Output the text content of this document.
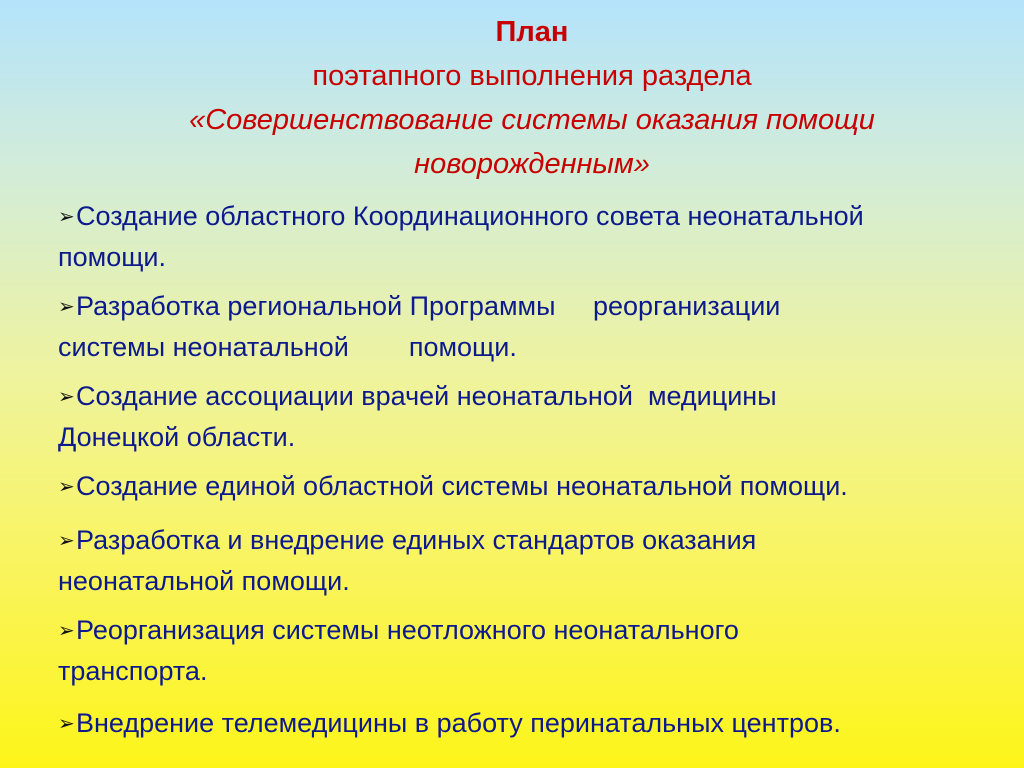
План
поэтапного выполнения раздела
«Совершенствование системы оказания помощи
новорожденным»
➢Создание областного Координационного совета неонатальной
помощи.
➢Разработка региональной Программы     реорганизации
системы неонатальной        помощи.
➢Создание ассоциации врачей неонатальной  медицины
Донецкой области.
➢Создание единой областной системы неонатальной помощи.
➢Разработка и внедрение единых стандартов оказания
неонатальной помощи.
➢Реорганизация системы неотложного неонатального
транспорта.
➢Внедрение телемедицины в работу перинатальных центров.
